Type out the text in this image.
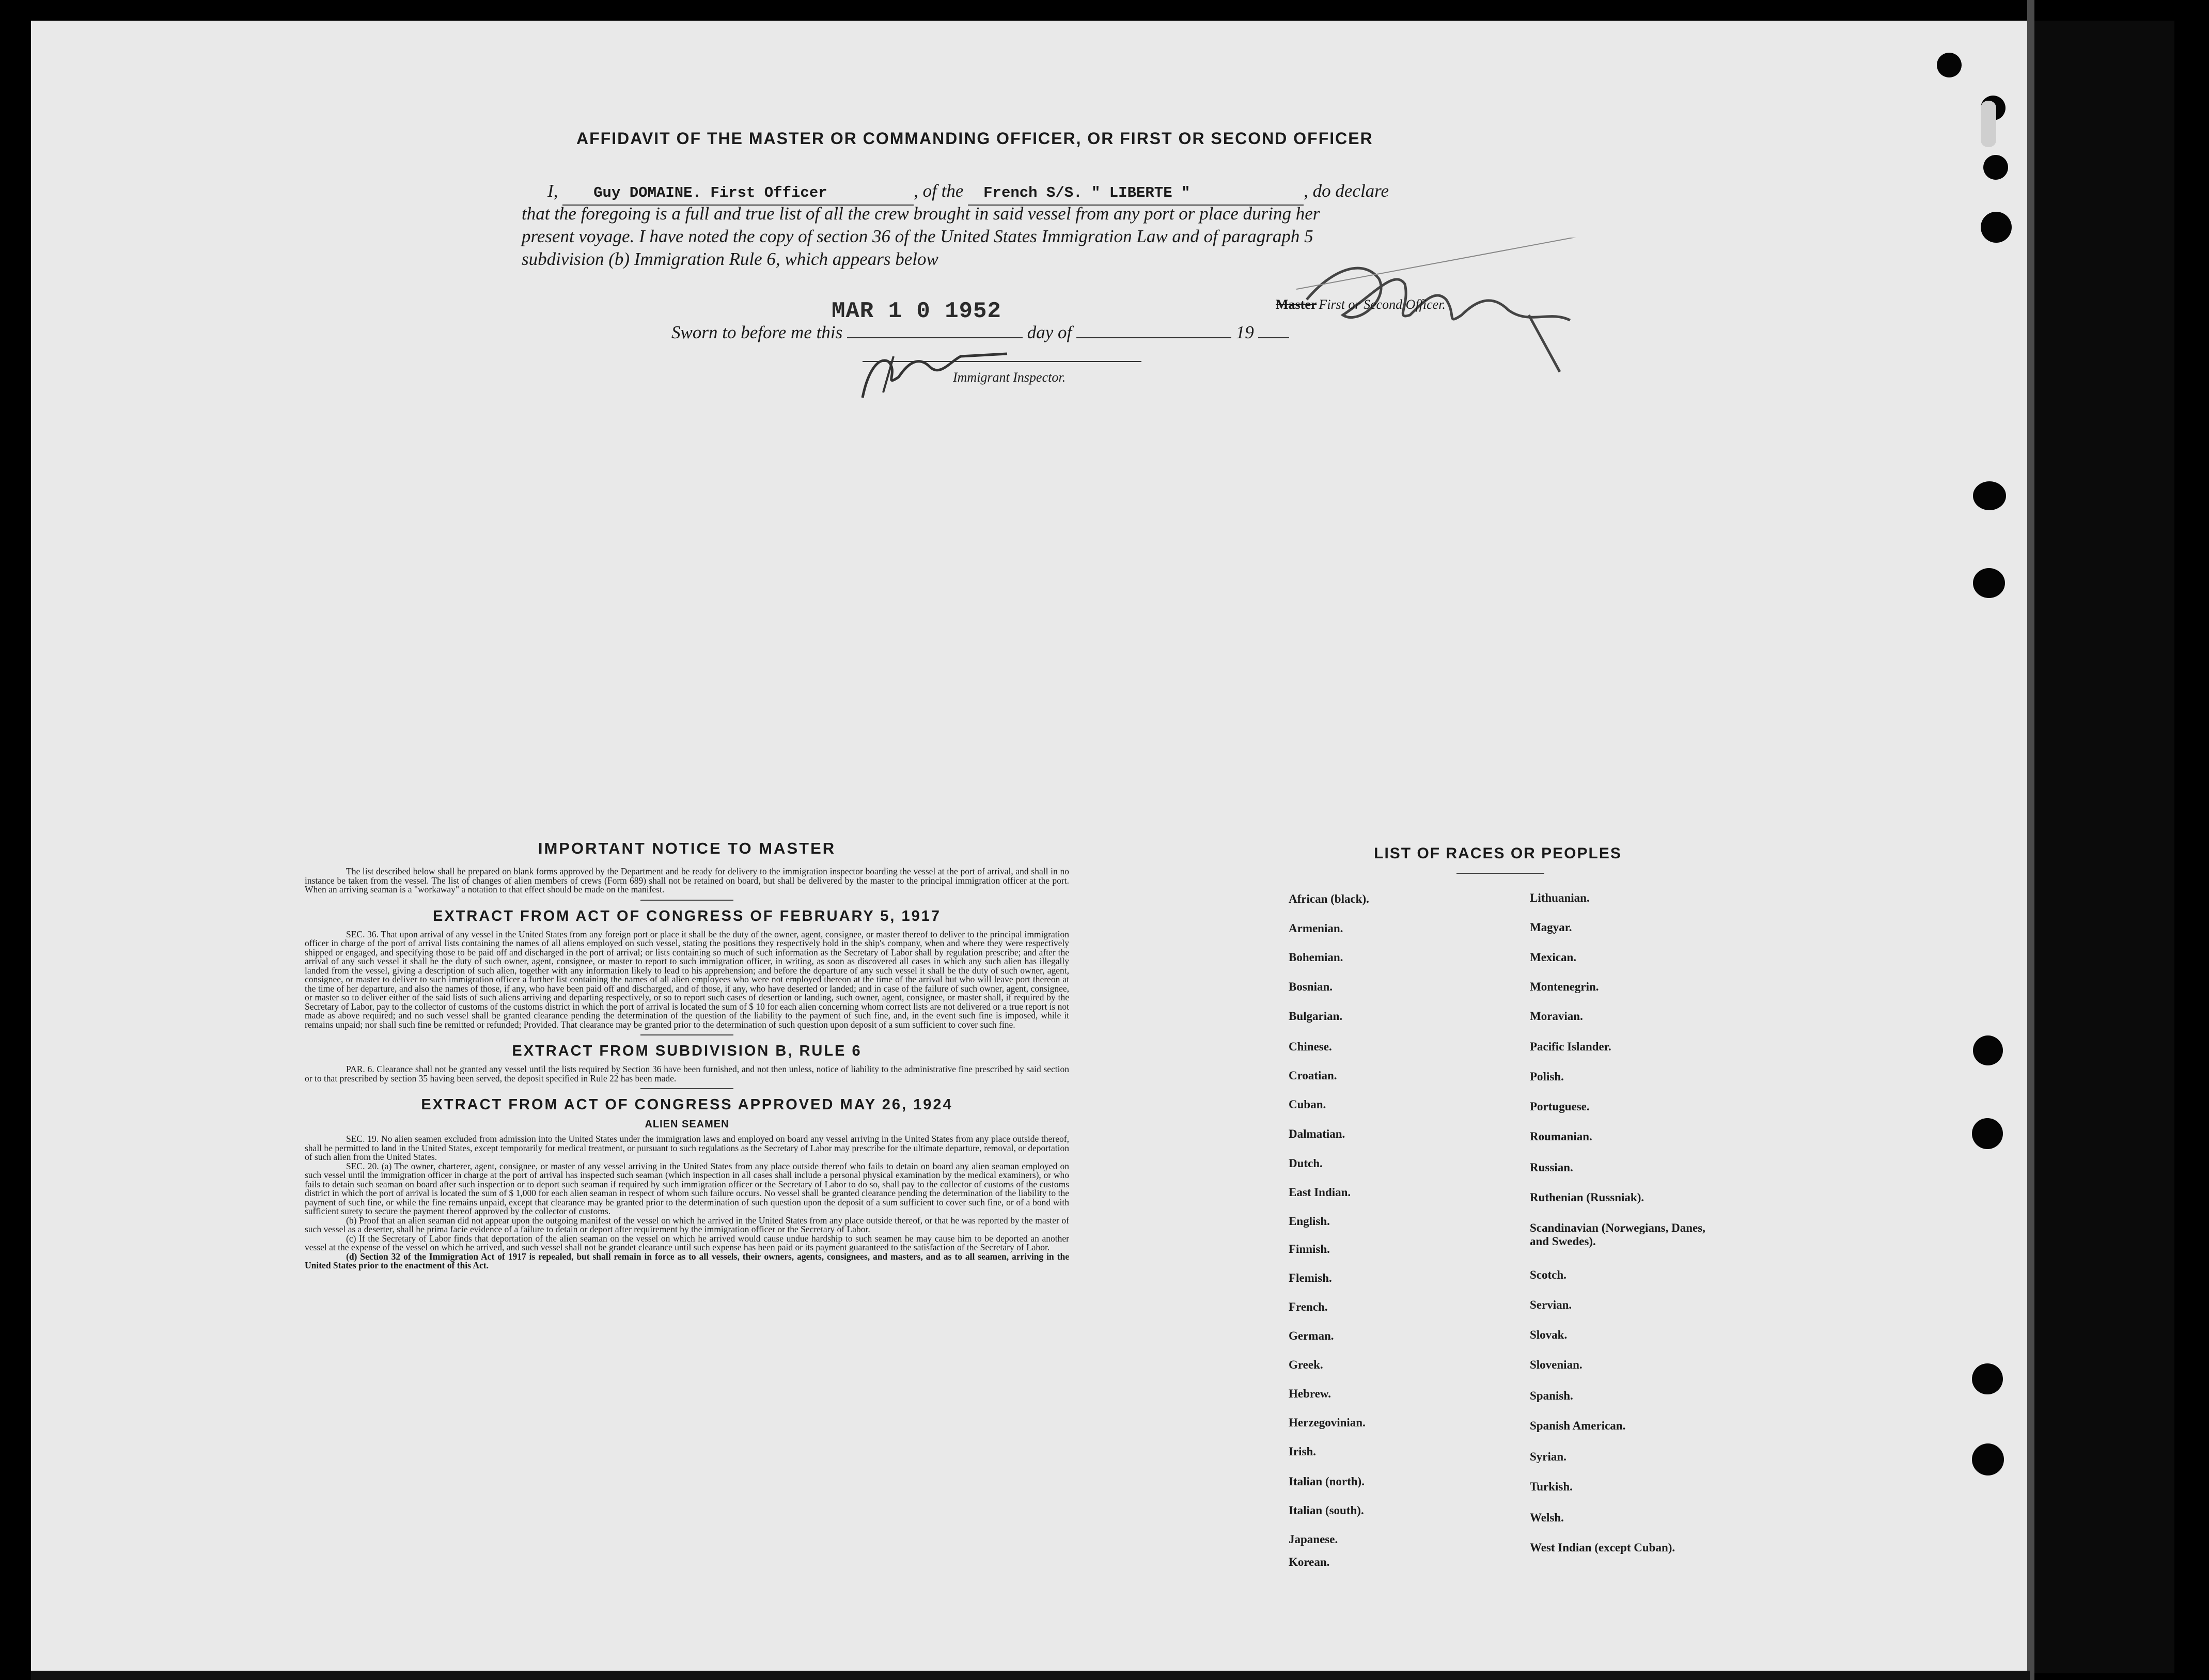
AFFIDAVIT OF THE MASTER OR COMMANDING OFFICER, OR FIRST OR SECOND OFFICER
I, Guy DOMAINE. First Officer	, of the French S/S. " LIBERTE "	, do declare
that the foregoing is a full and true list of all the crew brought in said vessel from any port or place during her
present voyage. I have noted the copy of section 36 of the United States Immigration Law and of paragraph 5
subdivision (b) Immigration Rule 6, which appears below
Master First or Second Officer.
MAR 1 0 1952
Sworn to before me this	day of	19
Immigrant Inspector.
IMPORTANT NOTICE TO MASTER

The list described below shall be prepared on blank forms approved by the Department and be ready for delivery to the immigration inspector boarding the vessel at the port of arrival, and shall in no instance be taken from the vessel. The list of changes of alien members of crews (Form 689) shall not be retained on board, but shall be delivered by the master to the principal immigration officer at the port. When an arriving seaman is a "workaway" a notation to that effect should be made on the manifest.

EXTRACT FROM ACT OF CONGRESS OF FEBRUARY 5, 1917

SEC. 36. That upon arrival of any vessel in the United States from any foreign port or place it shall be the duty of the owner, agent, consignee, or master thereof to deliver to the principal immigration officer in charge of the port of arrival lists containing the names of all aliens employed on such vessel, stating the positions they respectively hold in the ship's company, when and where they were respectively shipped or engaged, and specifying those to be paid off and discharged in the port of arrival; or lists containing so much of such information as the Secretary of Labor shall by regulation prescribe; and after the arrival of any such vessel it shall be the duty of such owner, agent, consignee, or master to report to such immigration officer, in writing, as soon as discovered all cases in which any such alien has illegally landed from the vessel, giving a description of such alien, together with any information likely to lead to his apprehension; and before the departure of any such vessel it shall be the duty of such owner, agent, consignee, or master to deliver to such immigration officer a further list containing the names of all alien employees who were not employed thereon at the time of the arrival but who will leave port thereon at the time of her departure, and also the names of those, if any, who have been paid off and discharged, and of those, if any, who have deserted or landed; and in case of the failure of such owner, agent, consignee, or master so to deliver either of the said lists of such aliens arriving and departing respectively, or so to report such cases of desertion or landing, such owner, agent, consignee, or master shall, if required by the Secretary of Labor, pay to the collector of customs of the customs district in which the port of arrival is located the sum of $ 10 for each alien concerning whom correct lists are not delivered or a true report is not made as above required; and no such vessel shall be granted clearance pending the determination of the question of the liability to the payment of such fine, and, in the event such fine is imposed, while it remains unpaid; nor shall such fine be remitted or refunded; Provided. That clearance may be granted prior to the determination of such question upon deposit of a sum sufficient to cover such fine.

EXTRACT FROM SUBDIVISION B, RULE 6

PAR. 6. Clearance shall not be granted any vessel until the lists required by Section 36 have been furnished, and not then unless, notice of liability to the administrative fine prescribed by said section or to that prescribed by section 35 having been served, the deposit specified in Rule 22 has been made.

EXTRACT FROM ACT OF CONGRESS APPROVED MAY 26, 1924
ALIEN SEAMEN

SEC. 19. No alien seamen excluded from admission into the United States under the immigration laws and employed on board any vessel arriving in the United States from any place outside thereof, shall be permitted to land in the United States, except temporarily for medical treatment, or pursuant to such regulations as the Secretary of Labor may prescribe for the ultimate departure, removal, or deportation of such alien from the United States.

SEC. 20. (a) The owner, charterer, agent, consignee, or master of any vessel arriving in the United States from any place outside thereof who fails to detain on board any alien seaman employed on such vessel until the immigration officer in charge at the port of arrival has inspected such seaman (which inspection in all cases shall include a personal physical examination by the medical examiners), or who fails to detain such seaman on board after such inspection or to deport such seaman if required by such immigration officer or the Secretary of Labor to do so, shall pay to the collector of customs of the customs district in which the port of arrival is located the sum of $ 1,000 for each alien seaman in respect of whom such failure occurs. No vessel shall be granted clearance pending the determination of the liability to the payment of such fine, or while the fine remains unpaid, except that clearance may be granted prior to the determination of such question upon the deposit of a sum sufficient to cover such fine, or of a bond with sufficient surety to secure the payment thereof approved by the collector of customs.

(b) Proof that an alien seaman did not appear upon the outgoing manifest of the vessel on which he arrived in the United States from any place outside thereof, or that he was reported by the master of such vessel as a deserter, shall be prima facie evidence of a failure to detain or deport after requirement by the immigration officer or the Secretary of Labor.

(c) If the Secretary of Labor finds that deportation of the alien seaman on the vessel on which he arrived would cause undue hardship to such seamen he may cause him to be deported an another vessel at the expense of the vessel on which he arrived, and such vessel shall not be grandet clearance until such expense has been paid or its payment guaranteed to the satisfaction of the Secretary of Labor.

(d) Section 32 of the Immigration Act of 1917 is repealed, but shall remain in force as to all vessels, their owners, agents, consignees, and masters, and as to all seamen, arriving in the United States prior to the enactment of this Act.

LIST OF RACES OR PEOPLES
African (black).
Armenian.
Bohemian.
Bosnian.
Bulgarian.
Chinese.
Croatian.
Cuban.
Dalmatian.
Dutch.
East Indian.
English.
Finnish.
Flemish.
French.
German.
Greek.
Hebrew.
Herzegovinian.
Irish.
Italian (north).
Italian (south).
Japanese.
Korean.
Lithuanian.
Magyar.
Mexican.
Montenegrin.
Moravian.
Pacific Islander.
Polish.
Portuguese.
Roumanian.
Russian.
Ruthenian (Russniak).
Scandinavian (Norwegians, Danes, and Swedes).
Scotch.
Servian.
Slovak.
Slovenian.
Spanish.
Spanish American.
Syrian.
Turkish.
Welsh.
West Indian (except Cuban).
